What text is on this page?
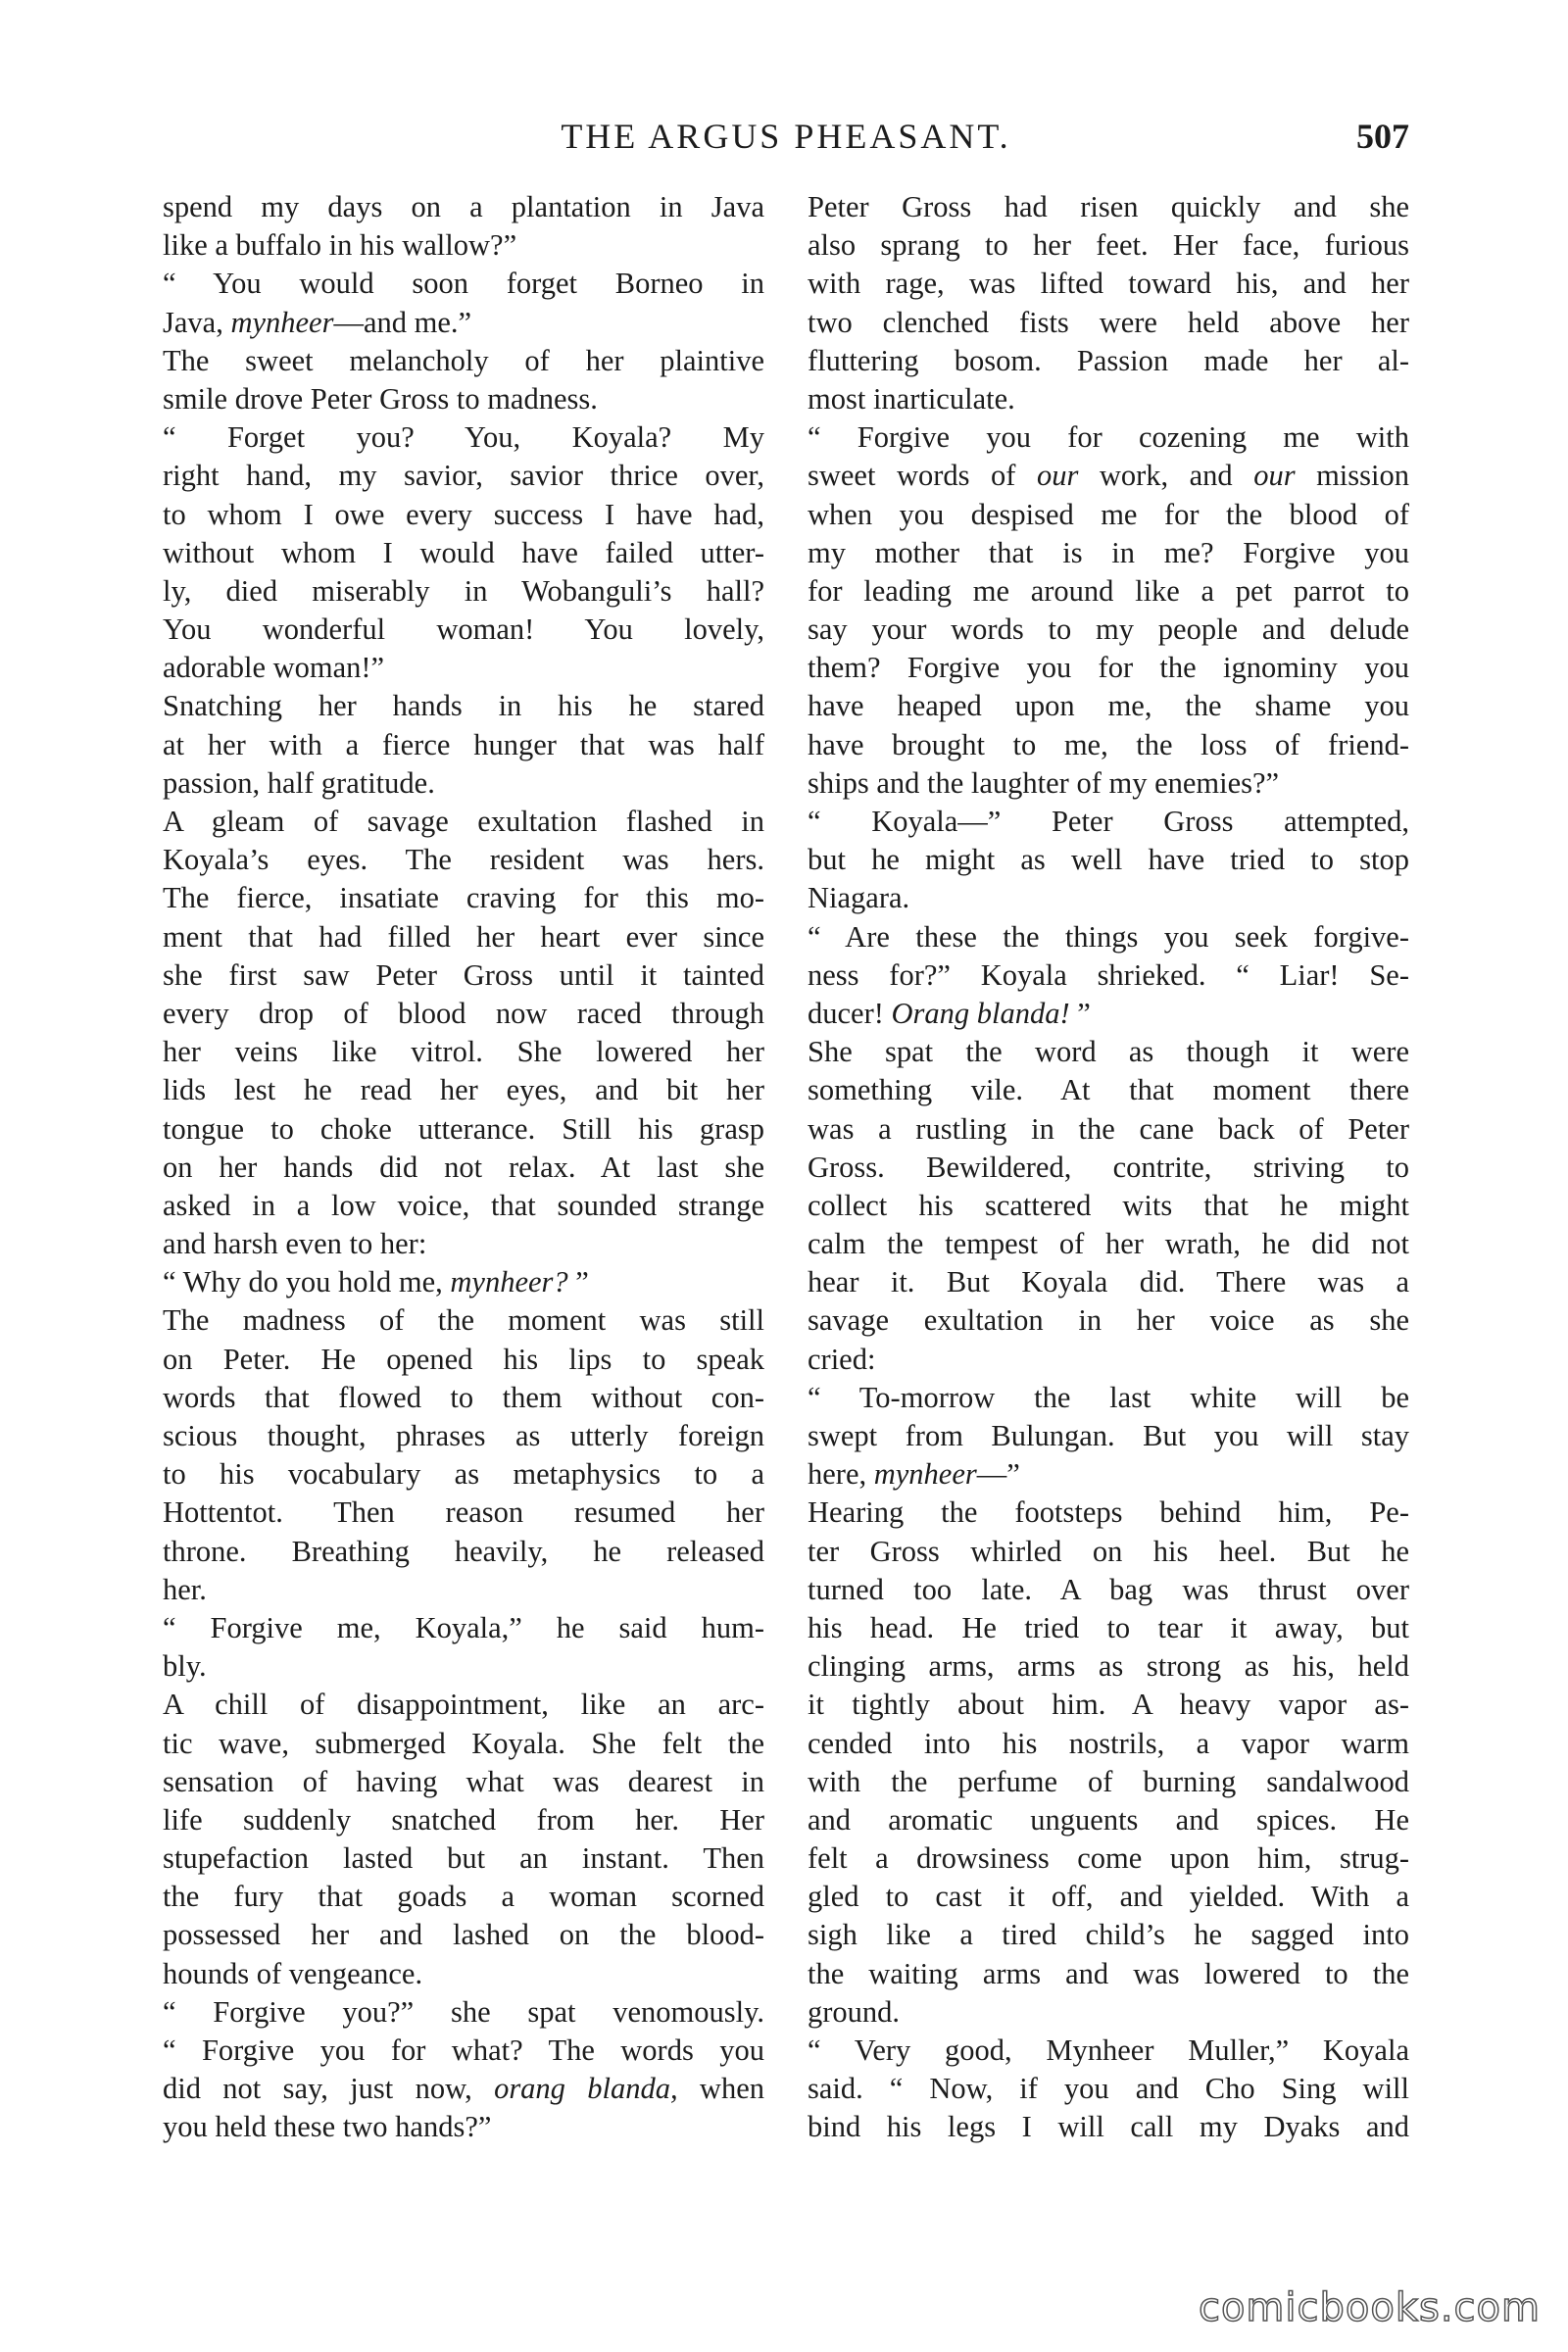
THE ARGUS PHEASANT.	507
spend my days on a plantation in Java
like a buffalo in his wallow?”
“ You would soon forget Borneo in
Java, mynheer—and me.”
The sweet melancholy of her plaintive
smile drove Peter Gross to madness.
“ Forget you? You, Koyala? My
right hand, my savior, savior thrice over,
to whom I owe every success I have had,
without whom I would have failed utter-
ly, died miserably in Wobanguli’s hall?
You wonderful woman! You lovely,
adorable woman!”
Snatching her hands in his he stared
at her with a fierce hunger that was half
passion, half gratitude.
A gleam of savage exultation flashed in
Koyala’s eyes. The resident was hers.
The fierce, insatiate craving for this mo-
ment that had filled her heart ever since
she first saw Peter Gross until it tainted
every drop of blood now raced through
her veins like vitrol. She lowered her
lids lest he read her eyes, and bit her
tongue to choke utterance. Still his grasp
on her hands did not relax. At last she
asked in a low voice, that sounded strange
and harsh even to her:
“ Why do you hold me, mynheer? ”
The madness of the moment was still
on Peter. He opened his lips to speak
words that flowed to them without con-
scious thought, phrases as utterly foreign
to his vocabulary as metaphysics to a
Hottentot. Then reason resumed her
throne. Breathing heavily, he released
her.
“ Forgive me, Koyala,” he said hum-
bly.
A chill of disappointment, like an arc-
tic wave, submerged Koyala. She felt the
sensation of having what was dearest in
life suddenly snatched from her. Her
stupefaction lasted but an instant. Then
the fury that goads a woman scorned
possessed her and lashed on the blood-
hounds of vengeance.
“ Forgive you?” she spat venomously.
“ Forgive you for what? The words you
did not say, just now, orang blanda, when
you held these two hands?”
Peter Gross had risen quickly and she
also sprang to her feet. Her face, furious
with rage, was lifted toward his, and her
two clenched fists were held above her
fluttering bosom. Passion made her al-
most inarticulate.
“ Forgive you for cozening me with
sweet words of our work, and our mission
when you despised me for the blood of
my mother that is in me? Forgive you
for leading me around like a pet parrot to
say your words to my people and delude
them? Forgive you for the ignominy you
have heaped upon me, the shame you
have brought to me, the loss of friend-
ships and the laughter of my enemies?”
“ Koyala—” Peter Gross attempted,
but he might as well have tried to stop
Niagara.
“ Are these the things you seek forgive-
ness for?” Koyala shrieked. “ Liar! Se-
ducer! Orang blanda! ”
She spat the word as though it were
something vile. At that moment there
was a rustling in the cane back of Peter
Gross. Bewildered, contrite, striving to
collect his scattered wits that he might
calm the tempest of her wrath, he did not
hear it. But Koyala did. There was a
savage exultation in her voice as she
cried:
“ To-morrow the last white will be
swept from Bulungan. But you will stay
here, mynheer—”
Hearing the footsteps behind him, Pe-
ter Gross whirled on his heel. But he
turned too late. A bag was thrust over
his head. He tried to tear it away, but
clinging arms, arms as strong as his, held
it tightly about him. A heavy vapor as-
cended into his nostrils, a vapor warm
with the perfume of burning sandalwood
and aromatic unguents and spices. He
felt a drowsiness come upon him, strug-
gled to cast it off, and yielded. With a
sigh like a tired child’s he sagged into
the waiting arms and was lowered to the
ground.
“ Very good, Mynheer Muller,” Koyala
said. “ Now, if you and Cho Sing will
bind his legs I will call my Dyaks and
comicbooks.com
